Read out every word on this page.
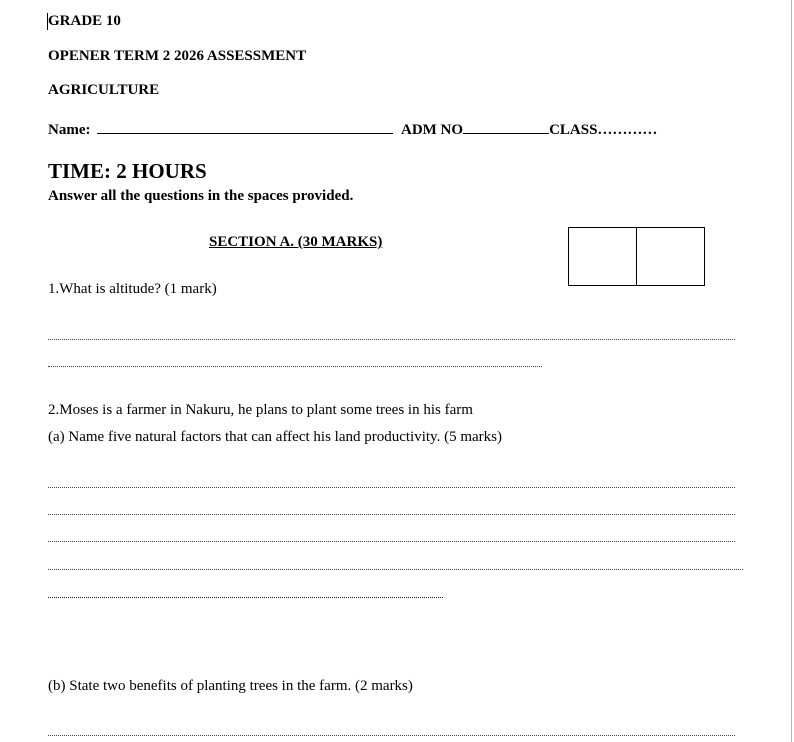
GRADE 10
OPENER TERM 2 2026 ASSESSMENT
AGRICULTURE
Name:	ADM NO	CLASS…………
TIME: 2 HOURS
Answer all the questions in the spaces provided.
SECTION A. (30 MARKS)
1.What is altitude? (1 mark)
2.Moses is a farmer in Nakuru, he plans to plant some trees in his farm
(a) Name five natural factors that can affect his land productivity. (5 marks)
(b) State two benefits of planting trees in the farm. (2 marks)
